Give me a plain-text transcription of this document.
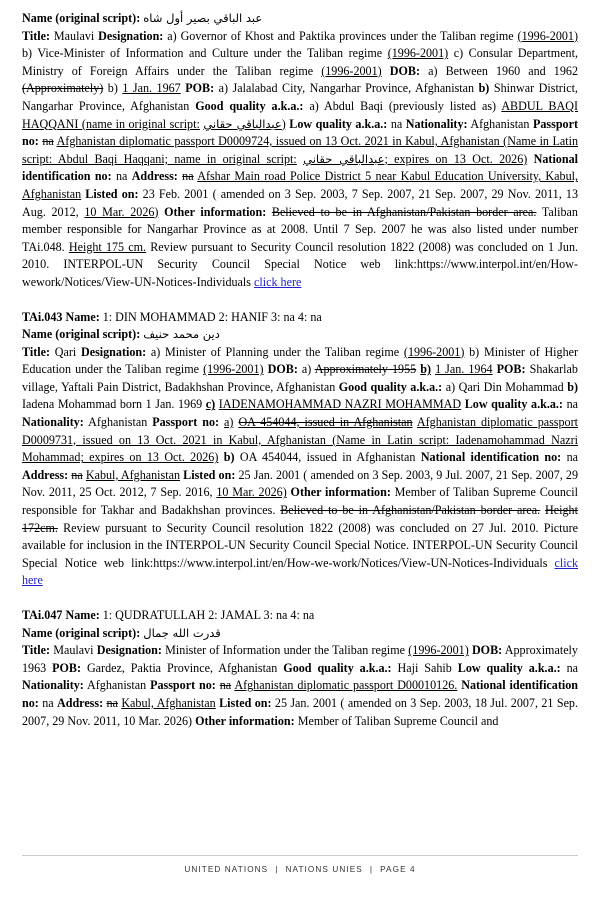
Name (original script): عبد الباقي بصير أول شاه
Title: Maulavi Designation: a) Governor of Khost and Paktika provinces under the Taliban regime (1996-2001) b) Vice-Minister of Information and Culture under the Taliban regime (1996-2001) c) Consular Department, Ministry of Foreign Affairs under the Taliban regime (1996-2001) DOB: a) Between 1960 and 1962 (Approximately) b) 1 Jan. 1967 POB: a) Jalalabad City, Nangarhar Province, Afghanistan b) Shinwar District, Nangarhar Province, Afghanistan Good quality a.k.a.: a) Abdul Baqi (previously listed as) ABDUL BAQI HAQQANI (name in original script: عبدالباقي حقاني) Low quality a.k.a.: na Nationality: Afghanistan Passport no: na Afghanistan diplomatic passport D0009724, issued on 13 Oct. 2021 in Kabul, Afghanistan (Name in Latin script: Abdul Baqi Haqqani; name in original script: عبدالباقي حقاني; expires on 13 Oct. 2026) National identification no: na Address: na Afshar Main road Police District 5 near Kabul Education University, Kabul, Afghanistan Listed on: 23 Feb. 2001 ( amended on 3 Sep. 2003, 7 Sep. 2007, 21 Sep. 2007, 29 Nov. 2011, 13 Aug. 2012, 10 Mar. 2026) Other information: Believed to be in Afghanistan/Pakistan border area. Taliban member responsible for Nangarhar Province as at 2008. Until 7 Sep. 2007 he was also listed under number TAi.048. Height 175 cm. Review pursuant to Security Council resolution 1822 (2008) was concluded on 1 Jun. 2010. INTERPOL-UN Security Council Special Notice web link:https://www.interpol.int/en/How-wework/Notices/View-UN-Notices-Individuals click here

TAi.043 Name: 1: DIN MOHAMMAD 2: HANIF 3: na 4: na
Name (original script): دين محمد حنيف
Title: Qari Designation: a) Minister of Planning under the Taliban regime (1996-2001) b) Minister of Higher Education under the Taliban regime (1996-2001) DOB: a) Approximately 1955 b) 1 Jan. 1964 POB: Shakarlab village, Yaftali Pain District, Badakhshan Province, Afghanistan Good quality a.k.a.: a) Qari Din Mohammad b) Iadena Mohammad born 1 Jan. 1969 c) IADENAMOHAMMAD NAZRI MOHAMMAD Low quality a.k.a.: na Nationality: Afghanistan Passport no: a) OA 454044, issued in Afghanistan Afghanistan diplomatic passport D0009731, issued on 13 Oct. 2021 in Kabul, Afghanistan (Name in Latin script: Iadenamohammad Nazri Mohammad; expires on 13 Oct. 2026) b) OA 454044, issued in Afghanistan National identification no: na Address: na Kabul, Afghanistan Listed on: 25 Jan. 2001 ( amended on 3 Sep. 2003, 9 Jul. 2007, 21 Sep. 2007, 29 Nov. 2011, 25 Oct. 2012, 7 Sep. 2016, 10 Mar. 2026) Other information: Member of Taliban Supreme Council responsible for Takhar and Badakhshan provinces. Believed to be in Afghanistan/Pakistan border area. Height 172cm. Review pursuant to Security Council resolution 1822 (2008) was concluded on 27 Jul. 2010. Picture available for inclusion in the INTERPOL-UN Security Council Special Notice. INTERPOL-UN Security Council Special Notice web link:https://www.interpol.int/en/How-we-work/Notices/View-UN-Notices-Individuals click here

TAi.047 Name: 1: QUDRATULLAH 2: JAMAL 3: na 4: na
Name (original script): قدرت الله جمال
Title: Maulavi Designation: Minister of Information under the Taliban regime (1996-2001) DOB: Approximately 1963 POB: Gardez, Paktia Province, Afghanistan Good quality a.k.a.: Haji Sahib Low quality a.k.a.: na Nationality: Afghanistan Passport no: na Afghanistan diplomatic passport D00010126. National identification no: na Address: na Kabul, Afghanistan Listed on: 25 Jan. 2001 ( amended on 3 Sep. 2003, 18 Jul. 2007, 21 Sep. 2007, 29 Nov. 2011, 10 Mar. 2026) Other information: Member of Taliban Supreme Council and

UNITED NATIONS | NATIONS UNIES | PAGE 4
